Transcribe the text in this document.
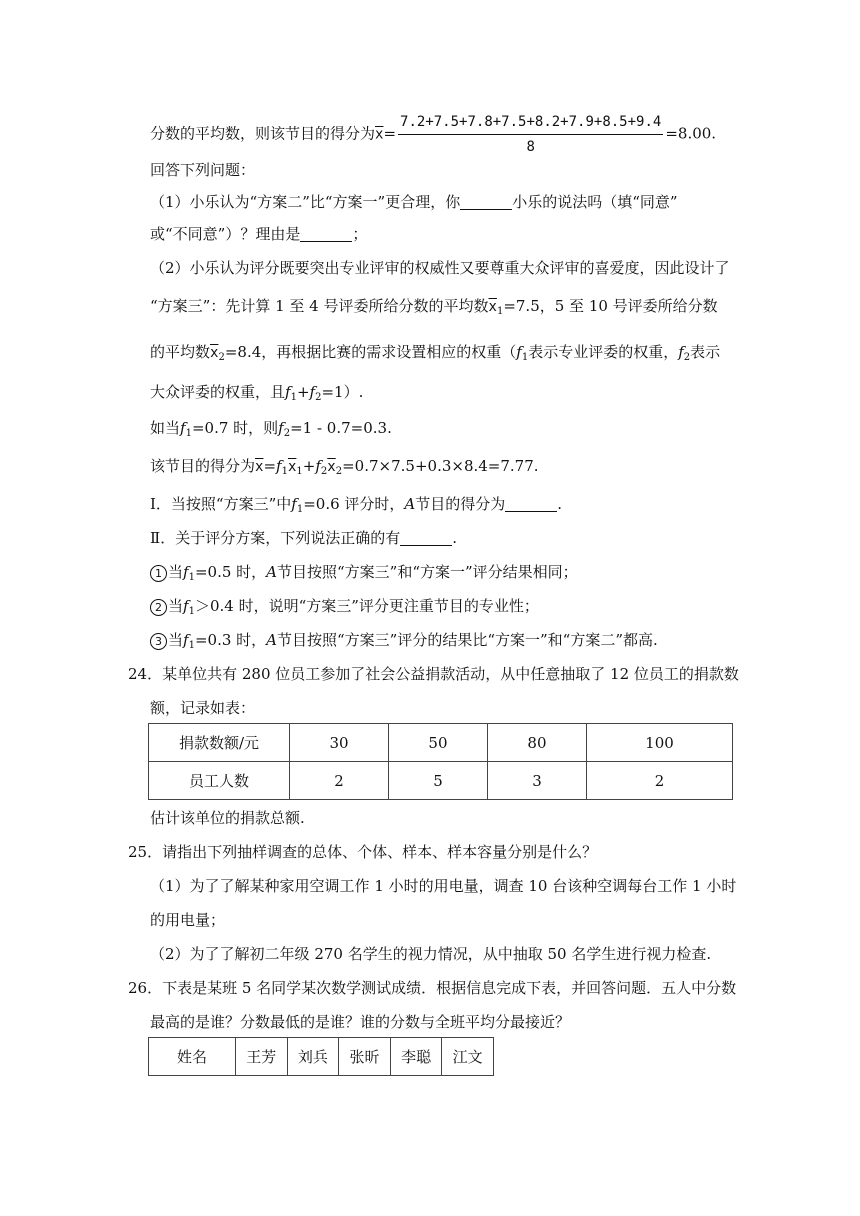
分数的平均数，则该节目的得分为$\overline{x}= \frac{7.2+7.5+7.8+7.5+8.2+7.9+8.5+9.4}{8} =8.00$.
回答下列问题：
（1）小乐认为“方案二”比“方案一”更合理，你	小乐的说法吗（填“同意”
或“不同意”）？理由是	；
（2）小乐认为评分既要突出专业评审的权威性又要尊重大众评审的喜爱度，因此设计了
“方案三”：先计算 1 至 4 号评委所给分数的平均数$\overline{x}_1=7.5$，5 至 10 号评委所给分数
的平均数$\overline{x}_2=8.4$，再根据比赛的需求设置相应的权重（$f_1$表示专业评委的权重，$f_2$表示
大众评委的权重，且$f_1+f_2=1$）.
如当$f_1=0.7$ 时，则$f_2=1 - 0.7=0.3$.
该节目的得分为$\overline{x}=f_1\overline{x}_1+f_2\overline{x}_2=0.7\times 7.5+0.3\times 8.4=7.77$.
Ⅰ．当按照“方案三”中$f_1=0.6$ 评分时，A节目的得分为	.
Ⅱ．关于评分方案，下列说法正确的有	.
1 当$f_1=0.5$ 时，A节目按照“方案三”和“方案一”评分结果相同；
2 当$f_1>0.4$ 时，说明“方案三”评分更注重节目的专业性；
3 当$f_1=0.3$ 时，A节目按照“方案三”评分的结果比“方案一”和“方案二”都高.
24．某单位共有 280 位员工参加了社会公益捐款活动，从中任意抽取了 12 位员工的捐款数
额，记录如表：
捐款数额/元	30	50	80	100
员工人数	2	5	3	2
估计该单位的捐款总额.
25．请指出下列抽样调查的总体、个体、样本、样本容量分别是什么？
（1）为了了解某种家用空调工作 1 小时的用电量，调查 10 台该种空调每台工作 1 小时
的用电量；
（2）为了了解初二年级 270 名学生的视力情况，从中抽取 50 名学生进行视力检查.
26．下表是某班 5 名同学某次数学测试成绩．根据信息完成下表，并回答问题．五人中分数
最高的是谁？分数最低的是谁？谁的分数与全班平均分最接近？
姓名	王芳	刘兵	张昕	李聪	江文
